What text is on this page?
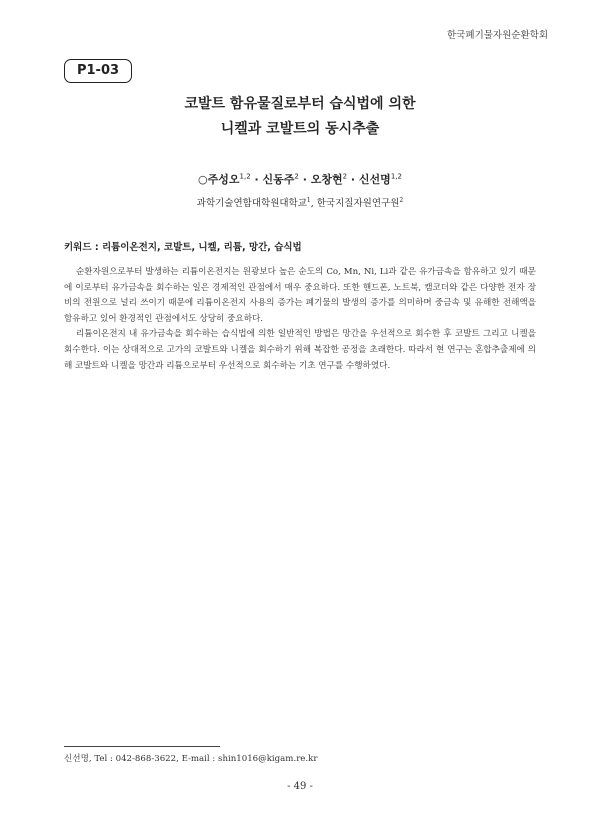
한국폐기물자원순환학회
P1-03
코발트 함유물질로부터 습식법에 의한
니켈과 코발트의 동시추출
○주성오$^{1,2}$ · 신동주$^2$ · 오창현$^2$ · 신선명$^{1,2}$
과학기술연합대학원대학교$^1$, 한국지질자원연구원$^2$
키워드 : 리튬이온전지, 코발트, 니켈, 리튬, 망간, 습식법

순환자원으로부터 발생하는 리튬이온전지는 원광보다 높은 순도의 Co, Mn, Ni, Li과 같은 유가금속을 함유하고 있기 때문에 이로부터 유가금속을 회수하는 일은 경제적인 관점에서 매우 중요하다. 또한 핸드폰, 노트북, 캠코더와 같은 다양한 전자 장비의 전원으로 널리 쓰이기 때문에 리튬이온전지 사용의 증가는 폐기물의 발생의 증가를 의미하며 중금속 및 유해한 전해액을 함유하고 있어 환경적인 관점에서도 상당히 중요하다.

리튬이온전지 내 유가금속을 회수하는 습식법에 의한 일반적인 방법은 망간을 우선적으로 회수한 후 코발트 그리고 니켈을 회수한다. 이는 상대적으로 고가의 코발트와 니켈을 회수하기 위해 복잡한 공정을 초래한다. 따라서 현 연구는 혼합추출제에 의해 코발트와 니켈을 망간과 리튬으로부터 우선적으로 회수하는 기초 연구를 수행하였다.

신선명, Tel : 042-868-3622, E-mail : shin1016@kigam.re.kr
- 49 -
